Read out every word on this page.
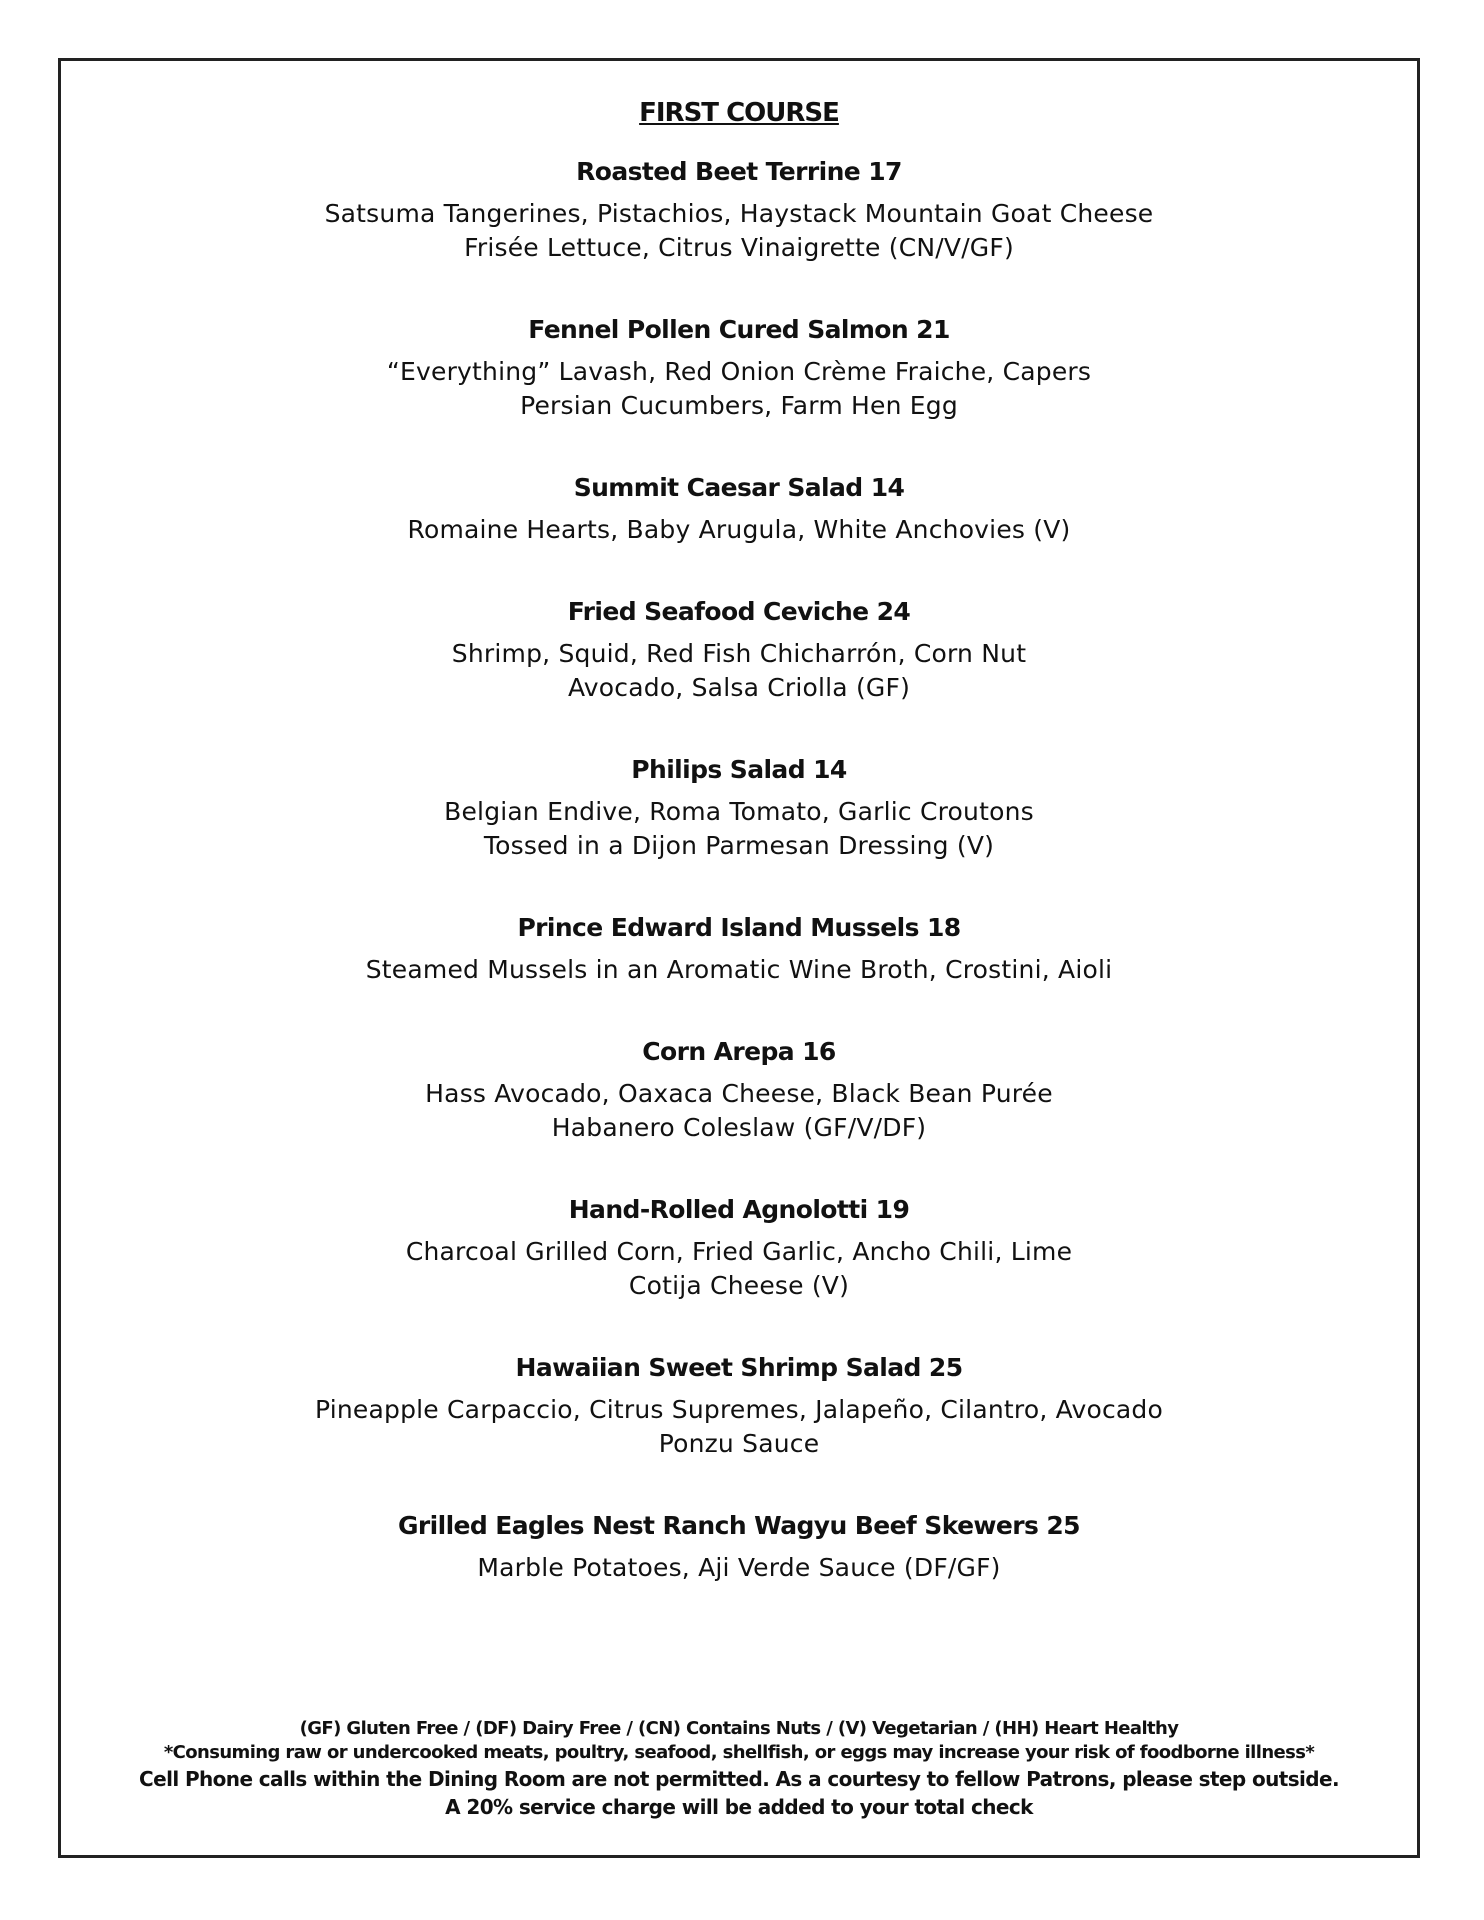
FIRST COURSE
Roasted Beet Terrine 17
Satsuma Tangerines, Pistachios, Haystack Mountain Goat Cheese
Frisée Lettuce, Citrus Vinaigrette (CN/V/GF)
Fennel Pollen Cured Salmon 21
“Everything” Lavash, Red Onion Crème Fraiche, Capers
Persian Cucumbers, Farm Hen Egg
Summit Caesar Salad 14
Romaine Hearts, Baby Arugula, White Anchovies (V)
Fried Seafood Ceviche 24
Shrimp, Squid, Red Fish Chicharrón, Corn Nut
Avocado, Salsa Criolla (GF)
Philips Salad 14
Belgian Endive, Roma Tomato, Garlic Croutons
Tossed in a Dijon Parmesan Dressing (V)
Prince Edward Island Mussels 18
Steamed Mussels in an Aromatic Wine Broth, Crostini, Aioli
Corn Arepa 16
Hass Avocado, Oaxaca Cheese, Black Bean Purée
Habanero Coleslaw (GF/V/DF)
Hand-Rolled Agnolotti 19
Charcoal Grilled Corn, Fried Garlic, Ancho Chili, Lime
Cotija Cheese (V)
Hawaiian Sweet Shrimp Salad 25
Pineapple Carpaccio, Citrus Supremes, Jalapeño, Cilantro, Avocado
Ponzu Sauce
Grilled Eagles Nest Ranch Wagyu Beef Skewers 25
Marble Potatoes, Aji Verde Sauce (DF/GF)
(GF) Gluten Free / (DF) Dairy Free / (CN) Contains Nuts / (V) Vegetarian / (HH) Heart Healthy
*Consuming raw or undercooked meats, poultry, seafood, shellfish, or eggs may increase your risk of foodborne illness*
Cell Phone calls within the Dining Room are not permitted. As a courtesy to fellow Patrons, please step outside.
A 20% service charge will be added to your total check
